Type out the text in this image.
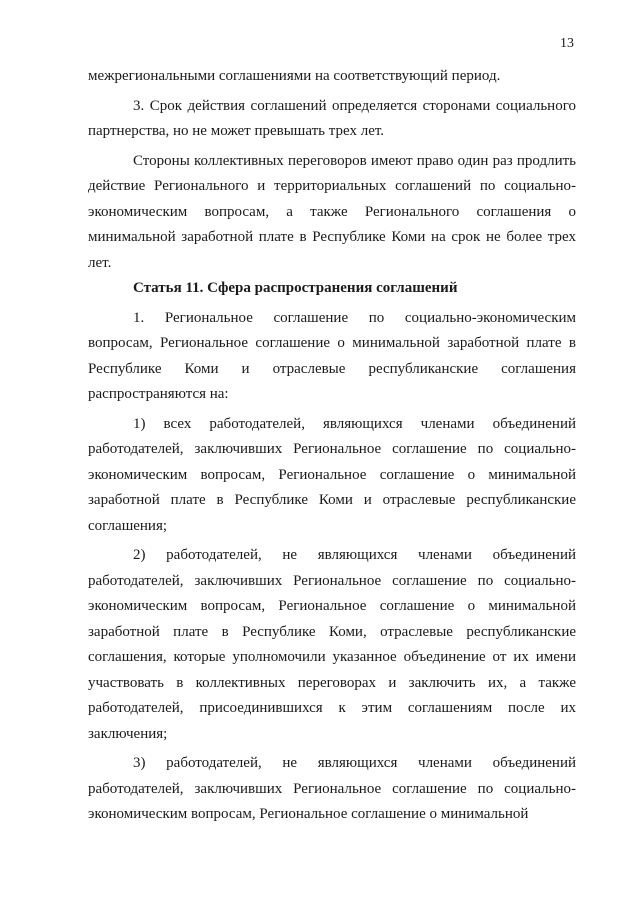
13

межрегиональными соглашениями на соответствующий период.

3. Срок действия соглашений определяется сторонами социального партнерства, но не может превышать трех лет.

Стороны коллективных переговоров имеют право один раз продлить действие Регионального и территориальных соглашений по социально-экономическим вопросам, а также Регионального соглашения о минимальной заработной плате в Республике Коми на срок не более трех лет.

Статья 11. Сфера распространения соглашений

1. Региональное соглашение по социально-экономическим вопросам, Региональное соглашение о минимальной заработной плате в Республике Коми и отраслевые республиканские соглашения распространяются на:

1) всех работодателей, являющихся членами объединений работодателей, заключивших Региональное соглашение по социально-экономическим вопросам, Региональное соглашение о минимальной заработной плате в Республике Коми и отраслевые республиканские соглашения;

2) работодателей, не являющихся членами объединений работодателей, заключивших Региональное соглашение по социально-экономическим вопросам, Региональное соглашение о минимальной заработной плате в Республике Коми, отраслевые республиканские соглашения, которые уполномочили указанное объединение от их имени участвовать в коллективных переговорах и заключить их, а также работодателей, присоединившихся к этим соглашениям после их заключения;

3) работодателей, не являющихся членами объединений работодателей, заключивших Региональное соглашение по социально-экономическим вопросам, Региональное соглашение о минимальной
